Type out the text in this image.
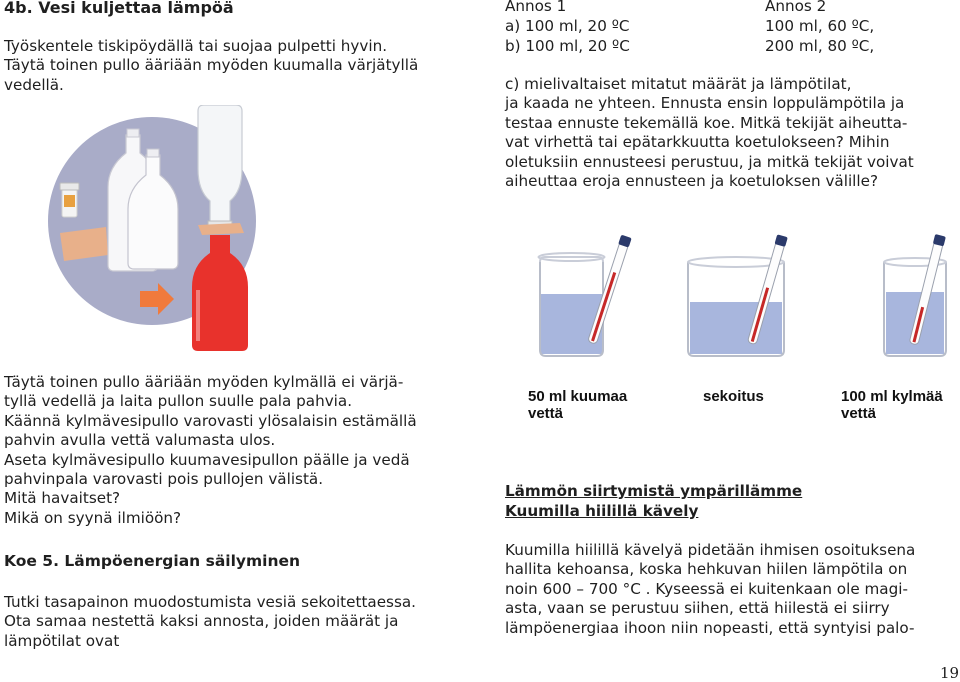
4b. Vesi kuljettaa lämpöä

Työskentele tiskipöydällä tai suojaa pulpetti hyvin.

Täytä toinen pullo ääriään myöden kuumalla värjätyllä

vedellä.

Annos 1	Annos 2
a) 100 ml, 20 ºC	100 ml, 60 ºC,
b) 100 ml, 20 ºC	200 ml, 80 ºC,

c) mielivaltaiset mitatut määrät ja lämpötilat,

ja kaada ne yhteen. Ennusta ensin loppulämpötila ja

testaa ennuste tekemällä koe. Mitkä tekijät aiheutta-

vat virhettä tai epätarkkuutta koetulokseen? Mihin

oletuksiin ennusteesi perustuu, ja mitkä tekijät voivat

aiheuttaa eroja ennusteen ja koetuloksen välille?

50 ml kuumaa
vettä
sekoitus	100 ml kylmää
vettä

Täytä toinen pullo ääriään myöden kylmällä ei värjä-

tyllä vedellä ja laita pullon suulle pala pahvia.

Käännä kylmävesipullo varovasti ylösalaisin estämällä

pahvin avulla vettä valumasta ulos.

Aseta kylmävesipullo kuumavesipullon päälle ja vedä

pahvinpala varovasti pois pullojen välistä.

Mitä havaitset?

Mikä on syynä ilmiöön?

Koe 5. Lämpöenergian säilyminen

Tutki tasapainon muodostumista vesiä sekoitettaessa.

Ota samaa nestettä kaksi annosta, joiden määrät ja

lämpötilat ovat

Lämmön siirtymistä ympärillämme
Kuumilla hiilillä kävely

Kuumilla hiilillä kävelyä pidetään ihmisen osoituksena

hallita kehoansa, koska hehkuvan hiilen lämpötila on

noin 600 – 700 °C . Kyseessä ei kuitenkaan ole magi-

asta, vaan se perustuu siihen, että hiilestä ei siirry

lämpöenergiaa ihoon niin nopeasti, että syntyisi palo-

19
